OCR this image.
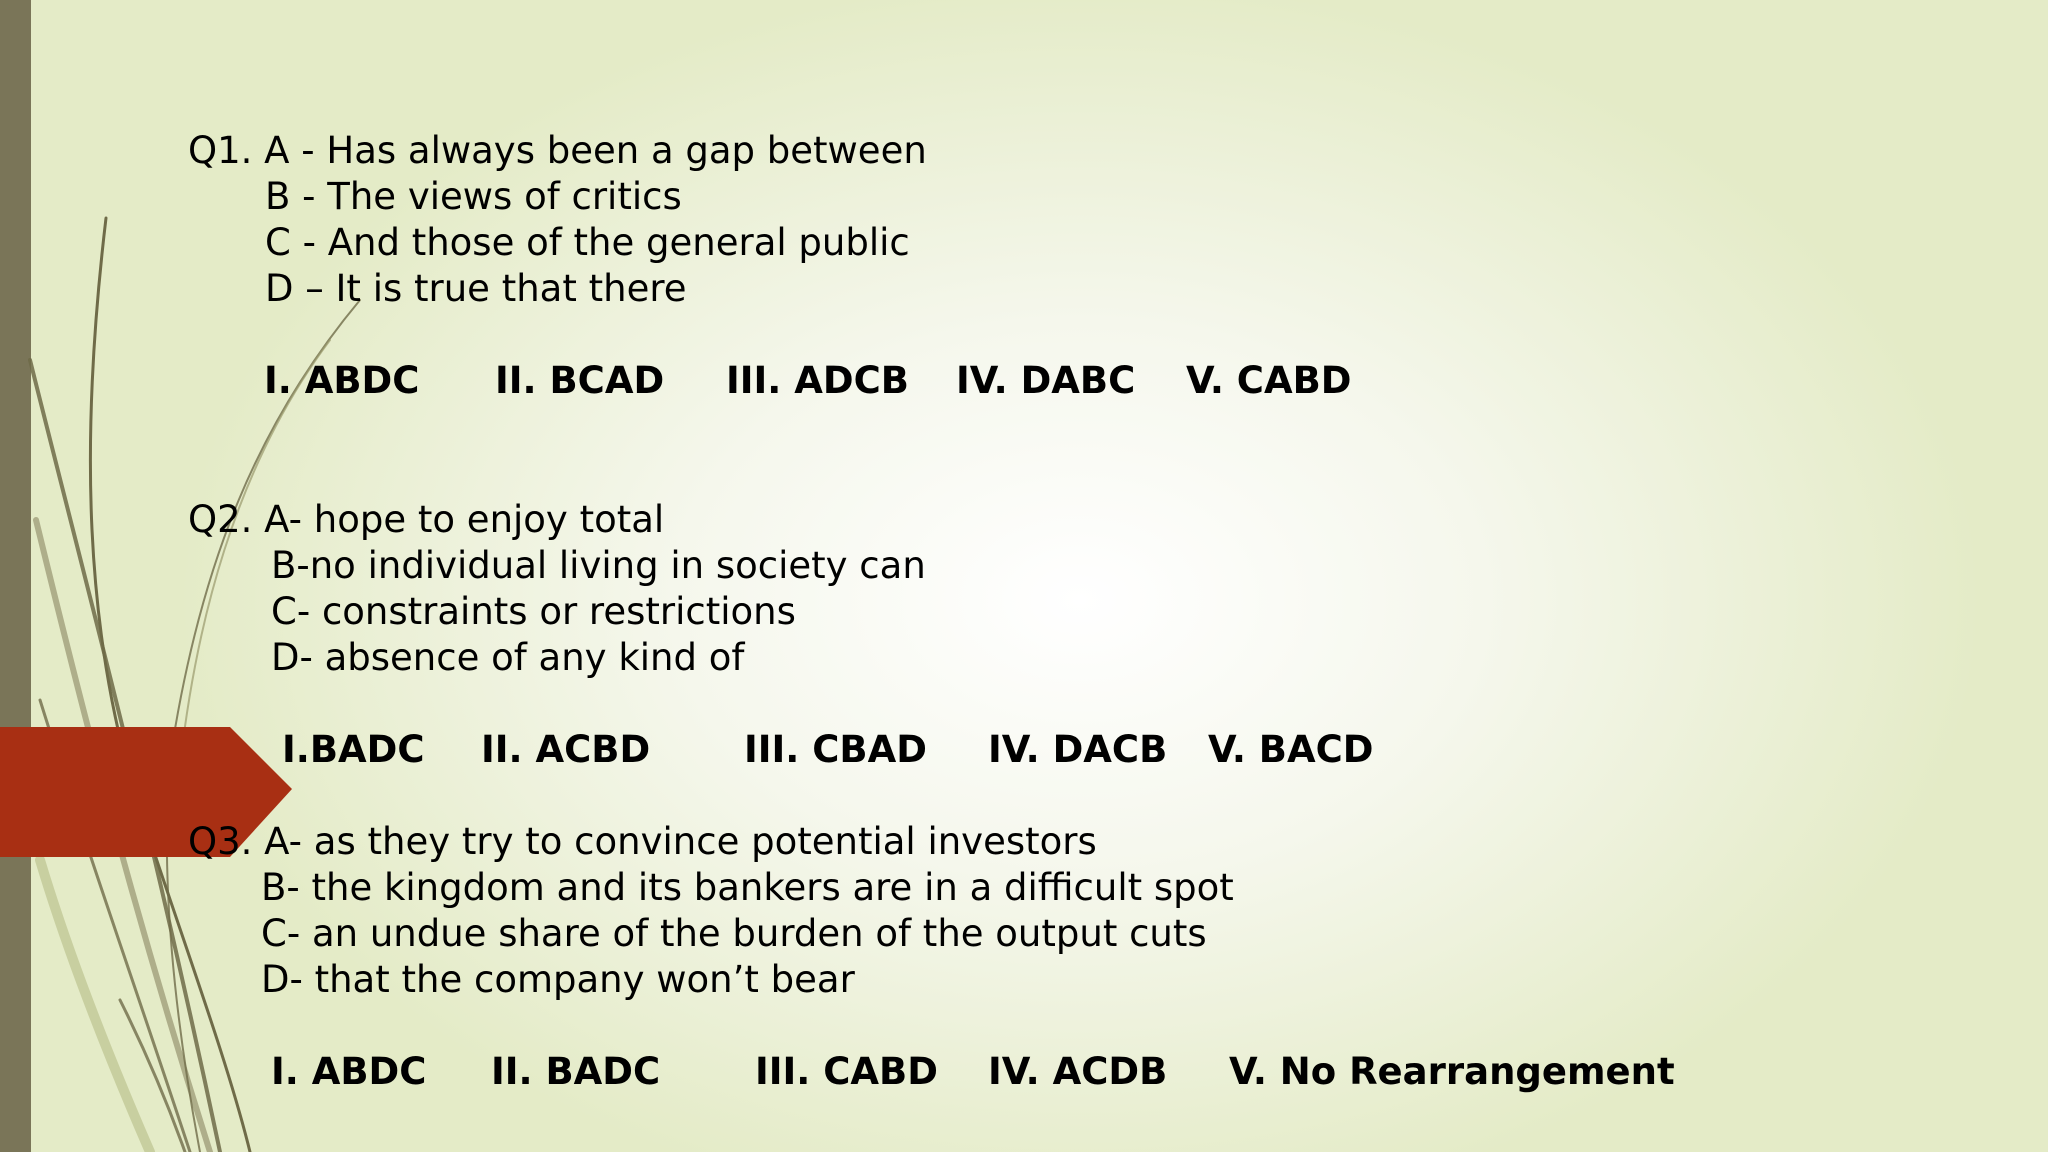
Q1. A - Has always been a gap between
B - The views of critics
C - And those of the general public
D – It is true that there
I. ABDC II. BCAD III. ADCB IV. DABC V. CABD
Q2. A- hope to enjoy total
B-no individual living in society can
C- constraints or restrictions
D- absence of any kind of
I.BADC II. ACBD	III. CBAD IV. DACB V. BACD
Q3. A- as they try to convince potential investors
B- the kingdom and its bankers are in a difficult spot
C- an undue share of the burden of the output cuts
D- that the company won’t bear
I. ABDC II. BADC	III. CABD IV. ACDB V. No Rearrangement
